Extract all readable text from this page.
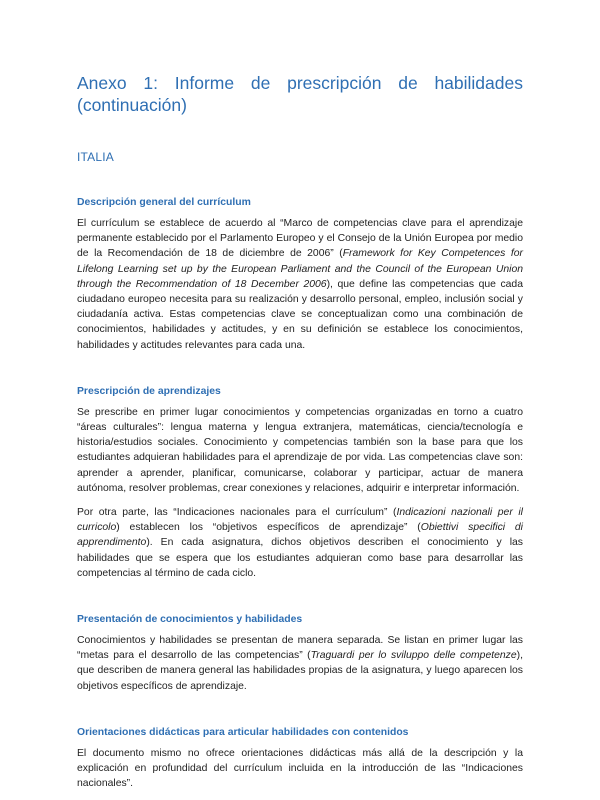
Anexo 1: Informe de prescripción de habilidades (continuación)
ITALIA
Descripción general del currículum

El currículum se establece de acuerdo al “Marco de competencias clave para el aprendizaje permanente establecido por el Parlamento Europeo y el Consejo de la Unión Europea por medio de la Recomendación de 18 de diciembre de 2006” (Framework for Key Competences for Lifelong Learning set up by the European Parliament and the Council of the European Union through the Recommendation of 18 December 2006), que define las competencias que cada ciudadano europeo necesita para su realización y desarrollo personal, empleo, inclusión social y ciudadanía activa. Estas competencias clave se conceptualizan como una combinación de conocimientos, habilidades y actitudes, y en su definición se establece los conocimientos, habilidades y actitudes relevantes para cada una.

Prescripción de aprendizajes

Se prescribe en primer lugar conocimientos y competencias organizadas en torno a cuatro “áreas culturales”: lengua materna y lengua extranjera, matemáticas, ciencia/tecnología e historia/estudios sociales. Conocimiento y competencias también son la base para que los estudiantes adquieran habilidades para el aprendizaje de por vida. Las competencias clave son: aprender a aprender, planificar, comunicarse, colaborar y participar, actuar de manera autónoma, resolver problemas, crear conexiones y relaciones, adquirir e interpretar información.

Por otra parte, las “Indicaciones nacionales para el currículum” (Indicazioni nazionali per il curricolo) establecen los “objetivos específicos de aprendizaje” (Obiettivi specifici di apprendimento). En cada asignatura, dichos objetivos describen el conocimiento y las habilidades que se espera que los estudiantes adquieran como base para desarrollar las competencias al término de cada ciclo.

Presentación de conocimientos y habilidades

Conocimientos y habilidades se presentan de manera separada. Se listan en primer lugar las “metas para el desarrollo de las competencias” (Traguardi per lo sviluppo delle competenze), que describen de manera general las habilidades propias de la asignatura, y luego aparecen los objetivos específicos de aprendizaje.

Orientaciones didácticas para articular habilidades con contenidos

El documento mismo no ofrece orientaciones didácticas más allá de la descripción y la explicación en profundidad del currículum incluida en la introducción de las “Indicaciones nacionales”.
